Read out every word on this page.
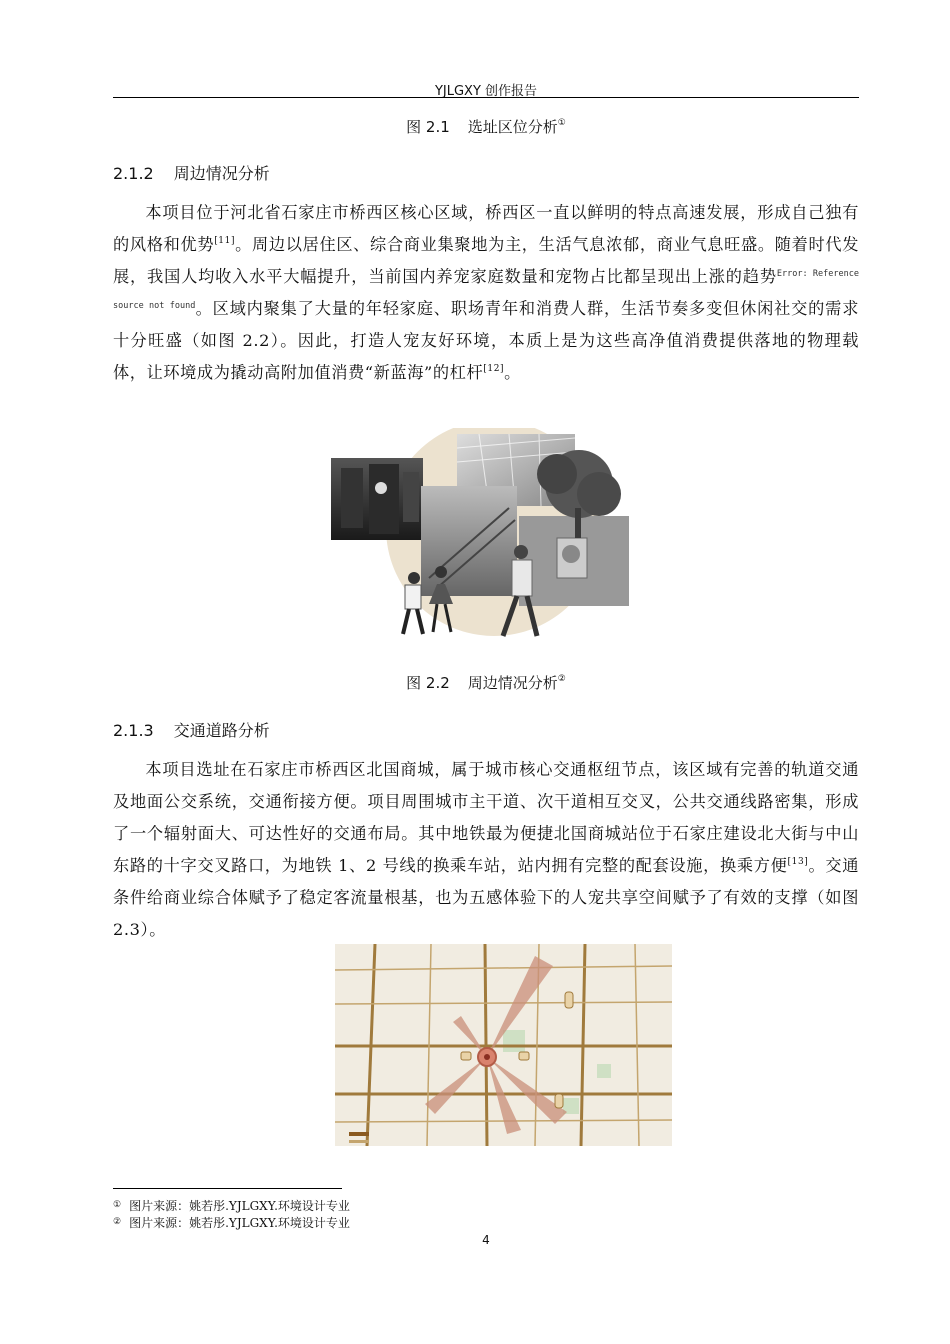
YJLGXY 创作报告
图 2.1 选址区位分析①
2.1.2 周边情况分析

本项目位于河北省石家庄市桥西区核心区域，桥西区一直以鲜明的特点高速发展，形成自己独有的风格和优势[11]。周边以居住区、综合商业集聚地为主，生活气息浓郁，商业气息旺盛。随着时代发展，我国人均收入水平大幅提升，当前国内养宠家庭数量和宠物占比都呈现出上涨的趋势$^{Error: Reference source not found}$。区域内聚集了大量的年轻家庭、职场青年和消费人群，生活节奏多变但休闲社交的需求十分旺盛（如图 2.2）。因此，打造人宠友好环境，本质上是为这些高净值消费提供落地的物理载体，让环境成为撬动高附加值消费“新蓝海”的杠杆[12]。

图 2.2 周边情况分析②
2.1.3 交通道路分析

本项目选址在石家庄市桥西区北国商城，属于城市核心交通枢纽节点，该区域有完善的轨道交通及地面公交系统，交通衔接方便。项目周围城市主干道、次干道相互交叉，公共交通线路密集，形成了一个辐射面大、可达性好的交通布局。其中地铁最为便捷北国商城站位于石家庄建设北大街与中山东路的十字交叉路口，为地铁 1、2 号线的换乘车站，站内拥有完整的配套设施，换乘方便[13]。交通条件给商业综合体赋予了稳定客流量根基，也为五感体验下的人宠共享空间赋予了有效的支撑（如图 2.3）。

① 图片来源：姚若彤.YJLGXY.环境设计专业
② 图片来源：姚若彤.YJLGXY.环境设计专业
4
